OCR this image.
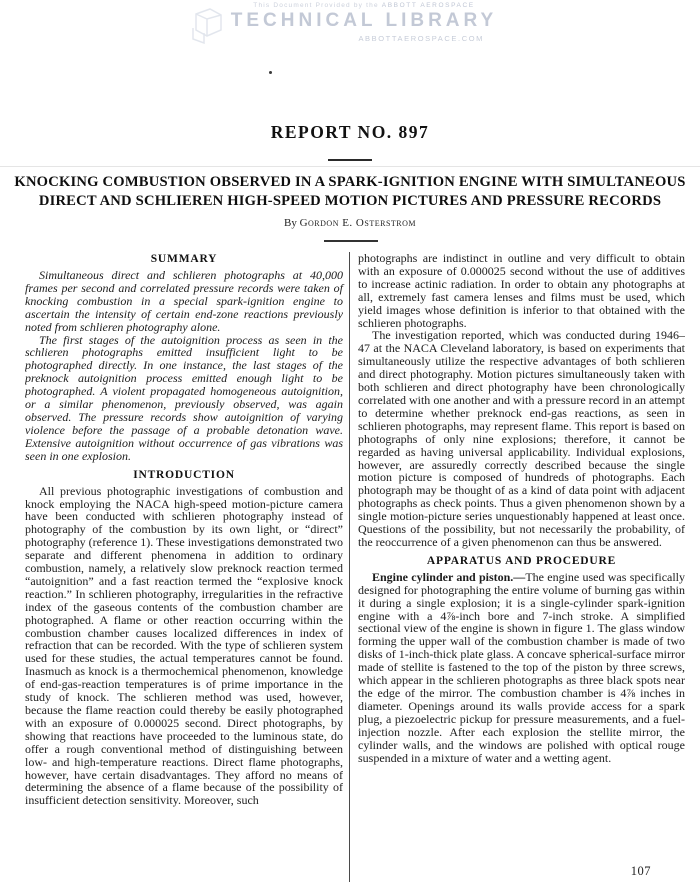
This Document Provided by the ABBOTT AEROSPACE
TECHNICAL LIBRARY
ABBOTTAEROSPACE.COM
REPORT NO. 897
KNOCKING COMBUSTION OBSERVED IN A SPARK-IGNITION ENGINE WITH SIMULTANEOUS
DIRECT AND SCHLIEREN HIGH-SPEED MOTION PICTURES AND PRESSURE RECORDS
By Gordon E. Osterstrom
SUMMARY

Simultaneous direct and schlieren photographs at 40,000 frames per second and correlated pressure records were taken of knocking combustion in a special spark-ignition engine to ascertain the intensity of certain end-zone reactions previously noted from schlieren photography alone.

The first stages of the autoignition process as seen in the schlieren photographs emitted insufficient light to be photographed directly. In one instance, the last stages of the preknock autoignition process emitted enough light to be photographed. A violent propagated homogeneous autoignition, or a similar phenomenon, previously observed, was again observed. The pressure records show autoignition of varying violence before the passage of a probable detonation wave. Extensive autoignition without occurrence of gas vibrations was seen in one explosion.

INTRODUCTION

All previous photographic investigations of combustion and knock employing the NACA high-speed motion-picture camera have been conducted with schlieren photography instead of photography of the combustion by its own light, or “direct” photography (reference 1). These investigations demonstrated two separate and different phenomena in addition to ordinary combustion, namely, a relatively slow preknock reaction termed “autoignition” and a fast reaction termed the “explosive knock reaction.” In schlieren photography, irregularities in the refractive index of the gaseous contents of the combustion chamber are photographed. A flame or other reaction occurring within the combustion chamber causes localized differences in index of refraction that can be recorded. With the type of schlieren system used for these studies, the actual temperatures cannot be found. Inasmuch as knock is a thermochemical phenomenon, knowledge of end-gas-reaction temperatures is of prime importance in the study of knock. The schlieren method was used, however, because the flame reaction could thereby be easily photographed with an exposure of 0.000025 second. Direct photographs, by showing that reactions have proceeded to the luminous state, do offer a rough conventional method of distinguishing between low- and high-temperature reactions. Direct flame photographs, however, have certain disadvantages. They afford no means of determining the absence of a flame because of the possibility of insufficient detection sensitivity. Moreover, such

photographs are indistinct in outline and very difficult to obtain with an exposure of 0.000025 second without the use of additives to increase actinic radiation. In order to obtain any photographs at all, extremely fast camera lenses and films must be used, which yield images whose definition is inferior to that obtained with the schlieren photographs.

The investigation reported, which was conducted during 1946–47 at the NACA Cleveland laboratory, is based on experiments that simultaneously utilize the respective advantages of both schlieren and direct photography. Motion pictures simultaneously taken with both schlieren and direct photography have been chronologically correlated with one another and with a pressure record in an attempt to determine whether preknock end-gas reactions, as seen in schlieren photographs, may represent flame. This report is based on photographs of only nine explosions; therefore, it cannot be regarded as having universal applicability. Individual explosions, however, are assuredly correctly described because the single motion picture is composed of hundreds of photographs. Each photograph may be thought of as a kind of data point with adjacent photographs as check points. Thus a given phenomenon shown by a single motion-picture series unquestionably happened at least once. Questions of the possibility, but not necessarily the probability, of the reoccurrence of a given phenomenon can thus be answered.

APPARATUS AND PROCEDURE

Engine cylinder and piston.—The engine used was specifically designed for photographing the entire volume of burning gas within it during a single explosion; it is a single-cylinder spark-ignition engine with a 4⅞-inch bore and 7-inch stroke. A simplified sectional view of the engine is shown in figure 1. The glass window forming the upper wall of the combustion chamber is made of two disks of 1-inch-thick plate glass. A concave spherical-surface mirror made of stellite is fastened to the top of the piston by three screws, which appear in the schlieren photographs as three black spots near the edge of the mirror. The combustion chamber is 4⅞ inches in diameter. Openings around its walls provide access for a spark plug, a piezoelectric pickup for pressure measurements, and a fuel-injection nozzle. After each explosion the stellite mirror, the cylinder walls, and the windows are polished with optical rouge suspended in a mixture of water and a wetting agent.

107
